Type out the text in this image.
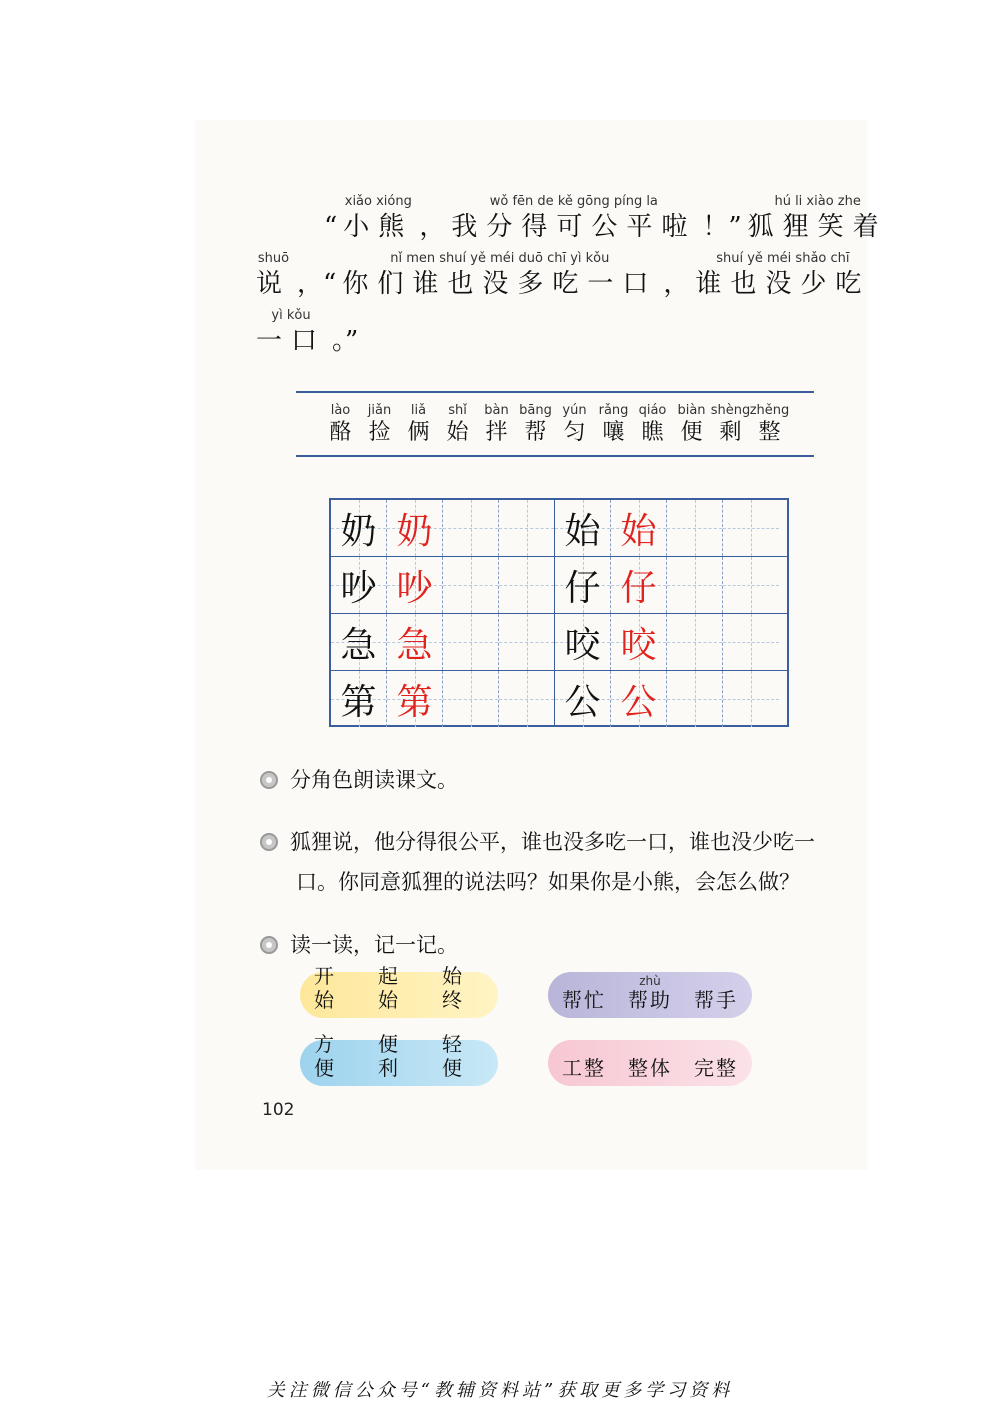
“
xiǎo xióng
小熊 ，
wǒ fēn de kě gōng píng la
我分得可公平啦 ！”
hú li xiào zhe
狐狸笑着
shuō
说 ，“
nǐ men shuí yě méi duō chī yì kǒu
你们谁也没多吃一口 ，
shuí yě méi shǎo chī
谁也没少吃
yì kǒu
一口 。”
lào
酪
jiǎn
捡
liǎ
俩
shǐ
始
bàn
拌
bāng
帮
yún
匀
rǎng
嚷
qiáo
瞧
biàn
便
shèng
剩
zhěng
整
奶 奶	始 始
吵 吵	仔 仔
急 急	咬 咬
第 第	公 公
分角色朗读课文。
狐狸说，他分得很公平，谁也没多吃一口，谁也没少吃一
口。你同意狐狸的说法吗？如果你是小熊，会怎么做？
读一读，记一记。
开始
起始
始终	帮忙
zhù
帮助 帮手
方便
便利
轻便	工整 整体 完整
102
关注微信公众号“教辅资料站”获取更多学习资料
